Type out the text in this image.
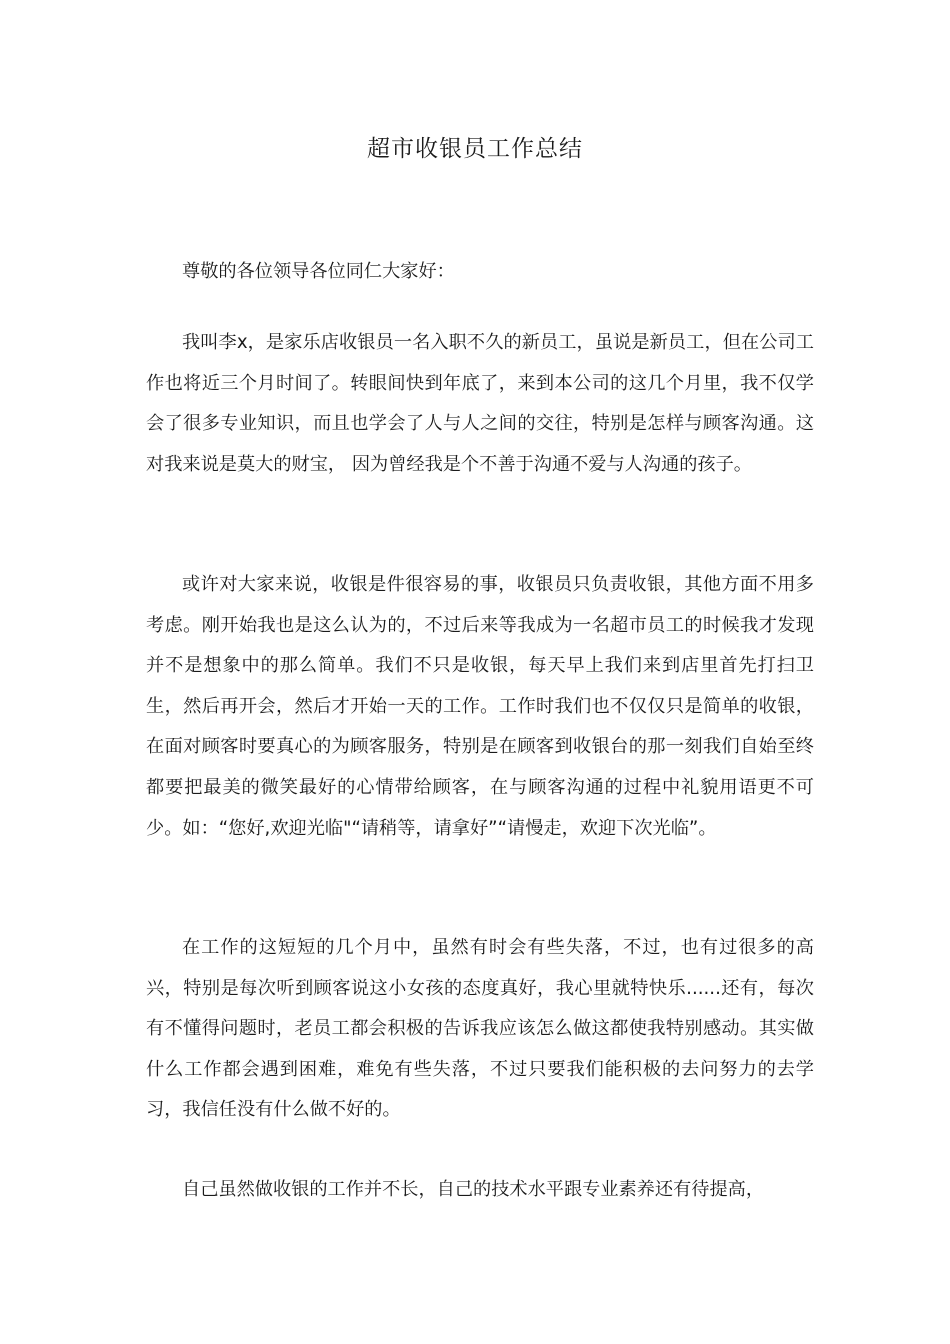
超市收银员工作总结

尊敬的各位领导各位同仁大家好：

我叫李x，是家乐店收银员一名入职不久的新员工，虽说是新员工，但在公司工作也将近三个月时间了。转眼间快到年底了，来到本公司的这几个月里，我不仅学会了很多专业知识，而且也学会了人与人之间的交往，特别是怎样与顾客沟通。这对我来说是莫大的财宝， 因为曾经我是个不善于沟通不爱与人沟通的孩子。

或许对大家来说，收银是件很容易的事，收银员只负责收银，其他方面不用多考虑。刚开始我也是这么认为的，不过后来等我成为一名超市员工的时候我才发现并不是想象中的那么简单。我们不只是收银，每天早上我们来到店里首先打扫卫生，然后再开会，然后才开始一天的工作。工作时我们也不仅仅只是简单的收银，在面对顾客时要真心的为顾客服务，特别是在顾客到收银台的那一刻我们自始至终都要把最美的微笑最好的心情带给顾客，在与顾客沟通的过程中礼貌用语更不可少。如：“您好,欢迎光临"“请稍等，请拿好”“请慢走，欢迎下次光临”。

在工作的这短短的几个月中，虽然有时会有些失落，不过，也有过很多的高兴，特别是每次听到顾客说这小女孩的态度真好，我心里就特快乐......还有，每次有不懂得问题时，老员工都会积极的告诉我应该怎么做这都使我特别感动。其实做什么工作都会遇到困难，难免有些失落，不过只要我们能积极的去问努力的去学习，我信任没有什么做不好的。

自己虽然做收银的工作并不长，自己的技术水平跟专业素养还有待提高，
